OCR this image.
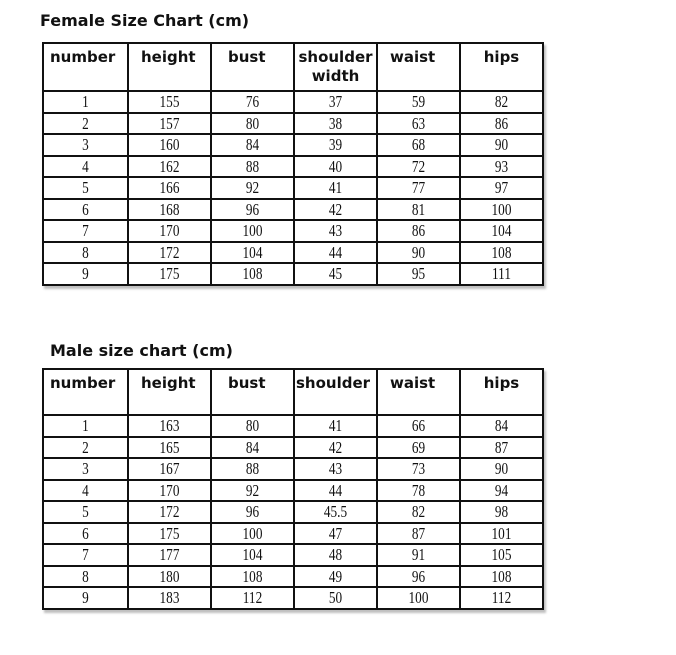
Female Size Chart (cm)
number	height	bust	shoulder width	waist	hips
1	155	76	37	59	82
2	157	80	38	63	86
3	160	84	39	68	90
4	162	88	40	72	93
5	166	92	41	77	97
6	168	96	42	81	100
7	170	100	43	86	104
8	172	104	44	90	108
9	175	108	45	95	111
Male size chart (cm)
number	height	bust	shoulder	waist	hips
1	163	80	41	66	84
2	165	84	42	69	87
3	167	88	43	73	90
4	170	92	44	78	94
5	172	96	45.5	82	98
6	175	100	47	87	101
7	177	104	48	91	105
8	180	108	49	96	108
9	183	112	50	100	112
